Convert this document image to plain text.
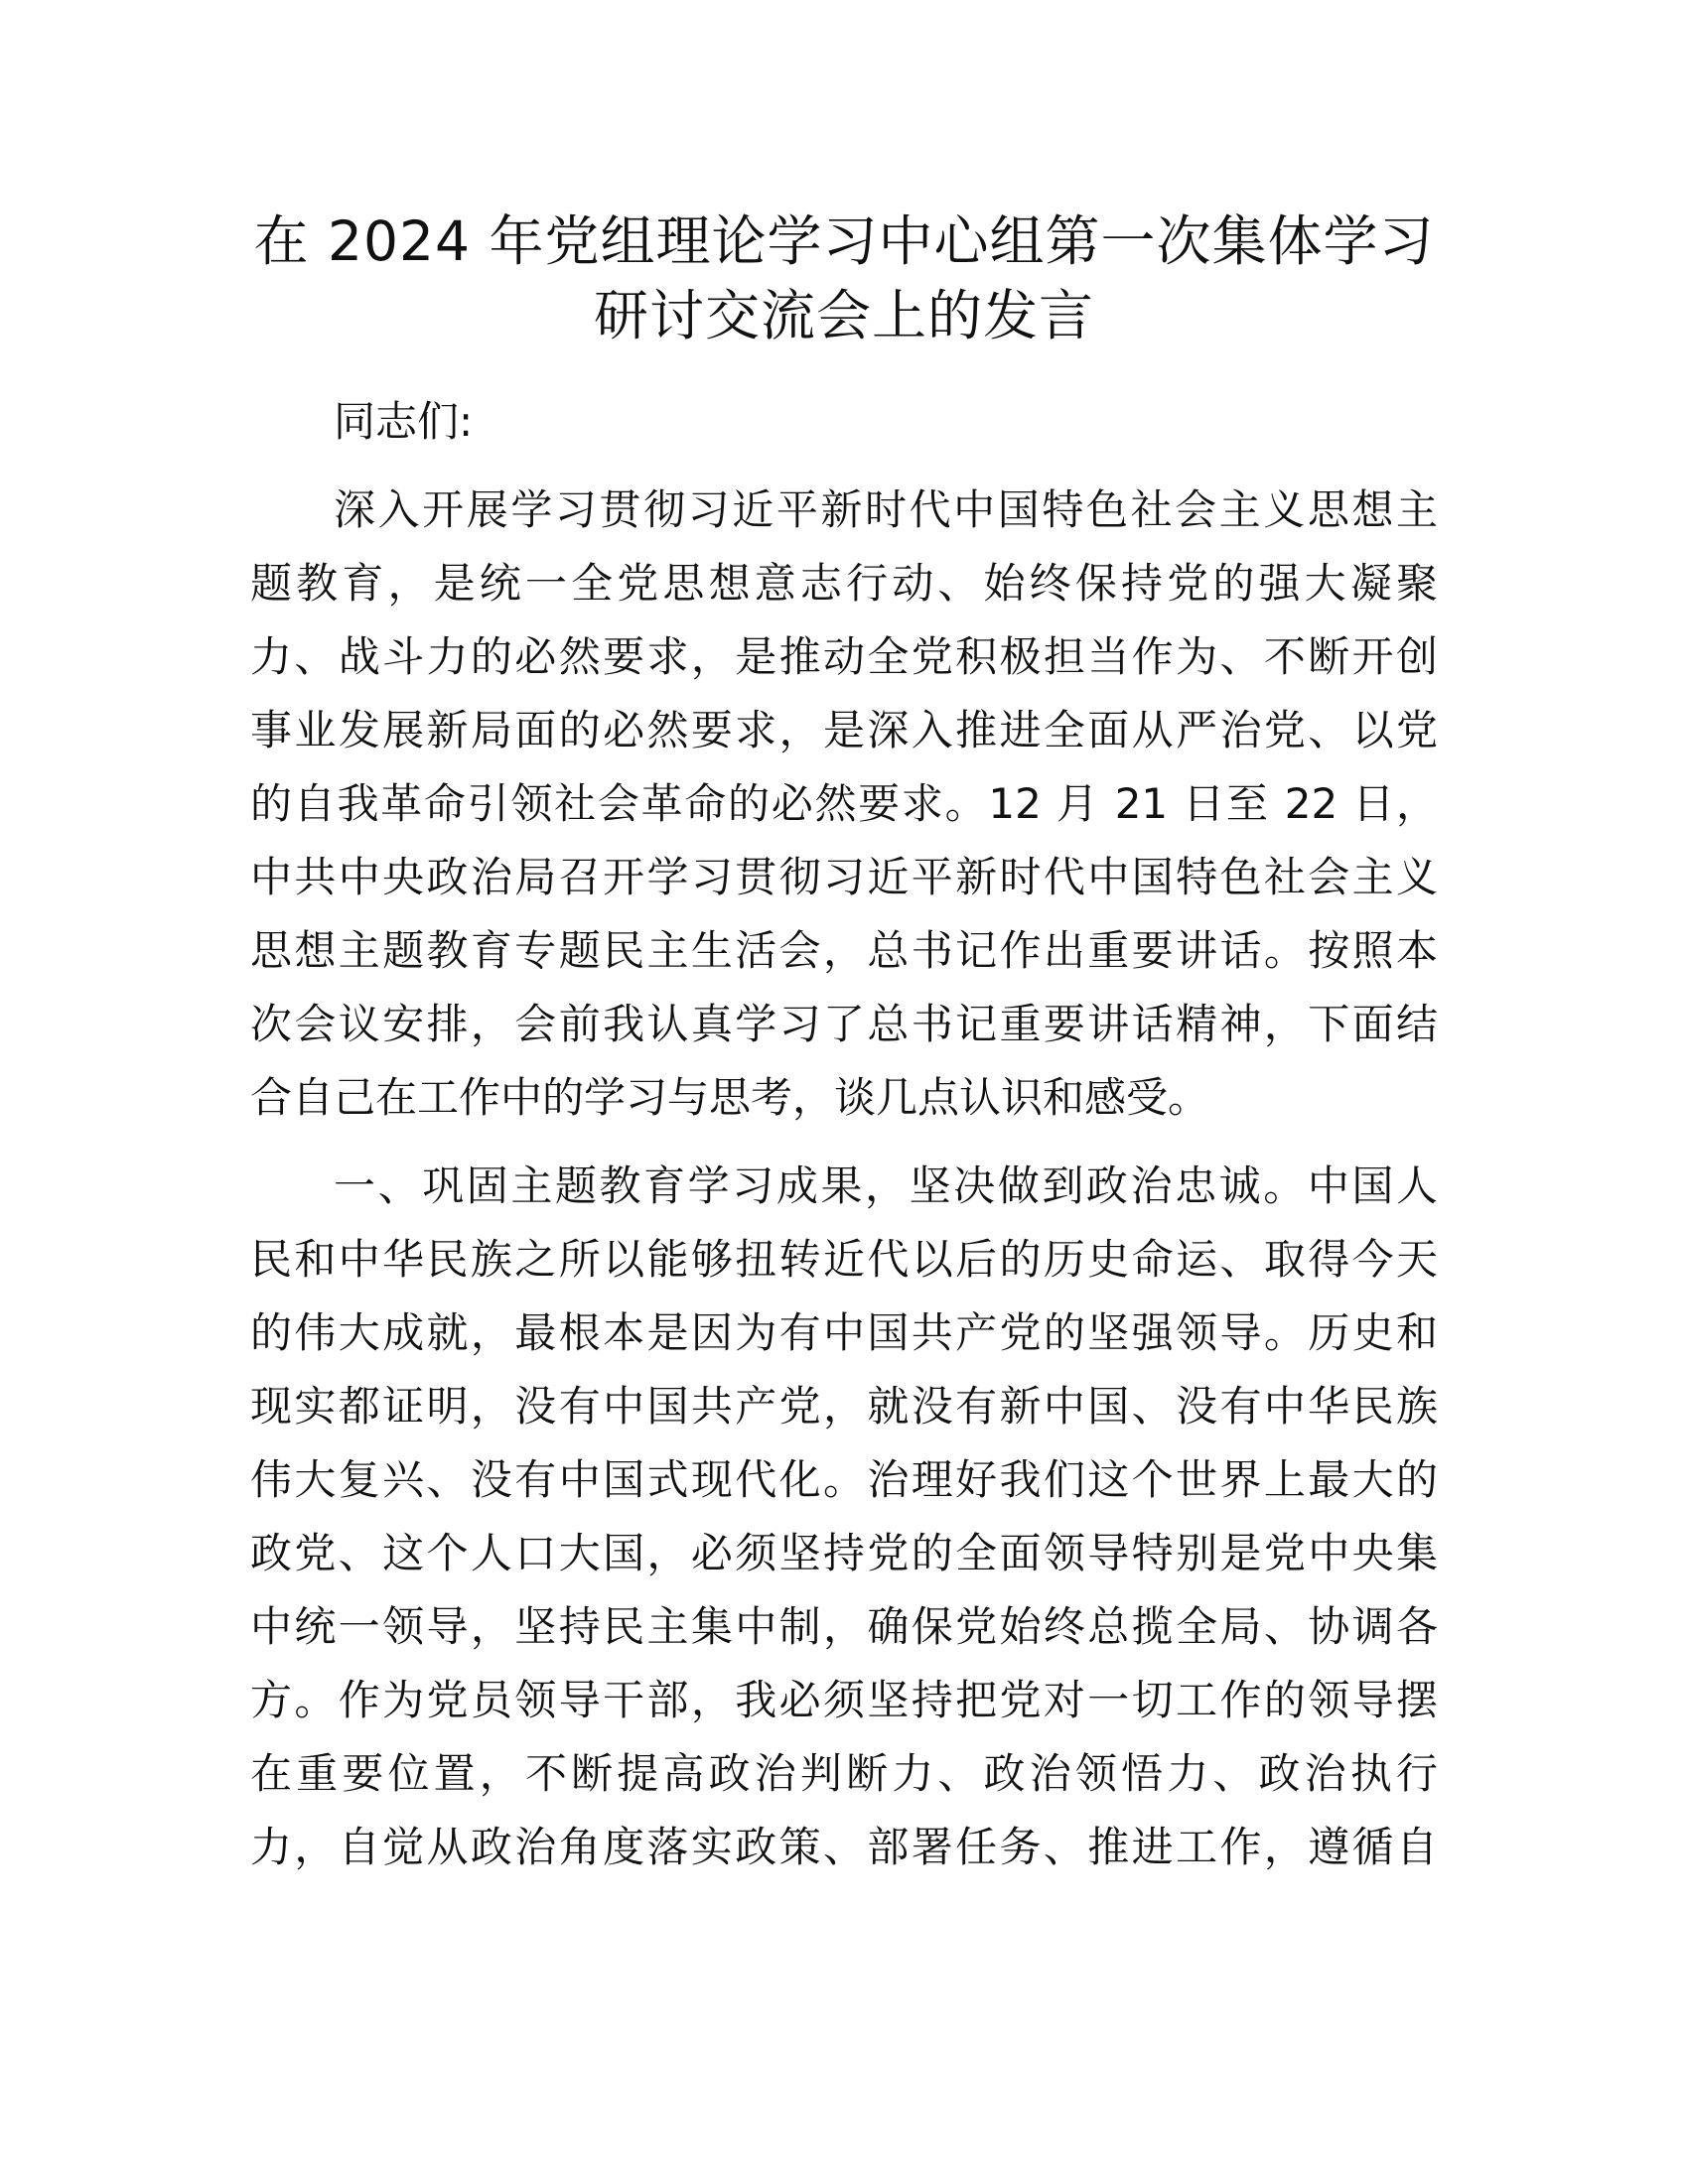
在 2024 年党组理论学习中心组第一次集体学习
研讨交流会上的发言

同志们:

深入开展学习贯彻习近平新时代中国特色社会主义思想主
题教育，是统一全党思想意志行动、始终保持党的强大凝聚
力、战斗力的必然要求，是推动全党积极担当作为、不断开创
事业发展新局面的必然要求，是深入推进全面从严治党、以党
的自我革命引领社会革命的必然要求。12 月 21 日至 22 日，
中共中央政治局召开学习贯彻习近平新时代中国特色社会主义
思想主题教育专题民主生活会，总书记作出重要讲话。按照本
次会议安排，会前我认真学习了总书记重要讲话精神，下面结
合自己在工作中的学习与思考，谈几点认识和感受。

一、巩固主题教育学习成果，坚决做到政治忠诚。中国人
民和中华民族之所以能够扭转近代以后的历史命运、取得今天
的伟大成就，最根本是因为有中国共产党的坚强领导。历史和
现实都证明，没有中国共产党，就没有新中国、没有中华民族
伟大复兴、没有中国式现代化。治理好我们这个世界上最大的
政党、这个人口大国，必须坚持党的全面领导特别是党中央集
中统一领导，坚持民主集中制，确保党始终总揽全局、协调各
方。作为党员领导干部，我必须坚持把党对一切工作的领导摆
在重要位置，不断提高政治判断力、政治领悟力、政治执行
力，自觉从政治角度落实政策、部署任务、推进工作，遵循自
